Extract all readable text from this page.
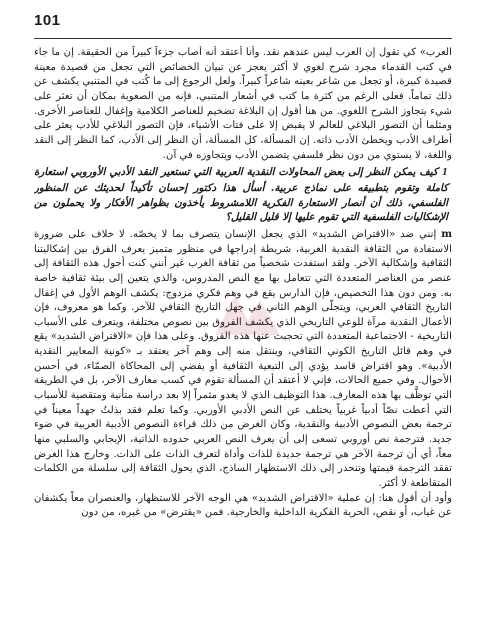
101

العرب» كي تقول إن العرب ليس عندهم نقد. وأنا أعتقد أنه أصاب جزءاً كبيراً من الحقيقة. إن ما جاء في كتب القدماء مجرد شرح لغوي لا أكثر يعجز عن تبيان الخصائص التي تجعل من قصيدة معينة قصيدة كبيرة، أو تجعل من شاعر بعينه شاعراً كبيراً. ولعل الرجوع إلى ما كُتب في المتنبي يكشف عن ذلك تماماً. فعلى الرغم من كثرة ما كتب في أشعار المتنبي، فإنه من الصعوبة بمكان أن تعثر على شيء يتجاوز الشرح اللغوي. من هنا أقول إن البلاغة تضخيم للعناصر الكلامية وإغفال للعناصر الأخرى. ومثلما أن التصور البلاغي للعالم لا يقبض إلا على فتات الأشياء، فإن التصور البلاغي للأدب يعثر على أطراف الأدب ويخطئ الأدب ذاته. إن المسألة، كل المسألة، أن النظر إلى الأدب، كما النظر إلى النقد واللغة، لا يستوي من دون نظر فلسفي يتضمن الأدب ويتجاوزه في آن.

1 كيف يمكن النظر إلى بعض المحاولات النقدية العربية التي تستعير النقد الأدبي الأوروبي استعارة كاملة وتقوم بتطبيقه على نماذج عربية. أسأل هذا دكتور إحسان تأكيداً لحديثك عن المنظور الفلسفي، ذلك أن أنصار الاستعارة الفكرية اللامشروط يأخذون بظواهر الأفكار ولا يحملون من الإشكاليات الفلسفية التي تقوم عليها إلا قليل القليل؟

m إنني ضد «الاقتراض الشديد» الذي يجعل الإنسان يتصرف بما لا يخصّه. لا خلاف على ضرورة الاستفادة من الثقافة النقدية الغربية، شريطة إدراجها في منظور متميز يعرف الفرق بين إشكاليتنا الثقافية وإشكالية الآخر. ولقد استفدت شخصياً من ثقافة الغرب غير أنني كنت أحول هذه الثقافة إلى عنصر من العناصر المتعددة التي تتعامل بها مع النص المدروس، والذي يتعين إلى بيئة ثقافية خاصة به. ومن دون هذا التخصيص، فإن الدارس يقع في وهم فكري مزدوج: يكشف الوهم الأول في إغفال التاريخ الثقافي العربي، ويتجلّى الوهم الثاني في جهل التاريخ الثقافي للآخر. وكما هو معروف، فإن الأعمال النقدية مرآة للوعي التاريخي الذي يكشف الفروق بين نصوص مختلفة، ويتعرف على الأسباب التاريخية - الاجتماعية المتعددة التي تحجبت عنها هذه الفروق. وعلى هذا فإن «الاقتراض الشديد» يقع في وهم قائل التاريخ الكوني الثقافي، وينتقل منه إلى وهم آخر يعتقد بـ «كونية المعايير النقدية الأدبية». وهو اقتراض قاسد يؤدي إلى التبعية الثقافية أو يفضي إلى المحاكاة الصمّاء، في أحسن الأحوال. وفي جميع الحالات، فإني لا أعتقد أن المسألة تقوم في كسب معارف الآخر، بل في الطريقة التي توظَّف بها هذه المعارف. هذا التوظيف الذي لا يغدو مثمراً إلا بعد دراسة متأنية ومتقصية للأسباب التي أعطت نصّاً أدبياً غربياً يختلف عن النص الأدبي الأوربي. وكما تعلم فقد بذلتُ جهداً معيناً في ترجمة بعض النصوص الأدبية والنقدية، وكان الغرض من ذلك قراءة النصوص الأدبية العربية في ضوء جديد. فترجمة نص أوروبي تسعى إلى أن يعرف النص العربي حدوده الذاتية، الإيجابي والسلبي منها معاً، أي أن ترجمة الآخر هي ترجمة جديدة للذات وأداة لتعرف الذات على الذات. وخارج هذا الغرض تفقد الترجمة قيمتها وتنحدر إلى ذلك الاستظهار الساذج، الذي يحول الثقافة إلى سلسلة من الكلمات المتقاطعة لا أكثر.

وأود أن أقول هنا: إن عملية «الاقتراض الشديد» هي الوجه الآخر للاستظهار، والعنصران معاً يكشفان عن غياب، أو نقص، الحرية الفكرية الداخلية والخارجية. فمن «يقترض» من غيره، من دون
